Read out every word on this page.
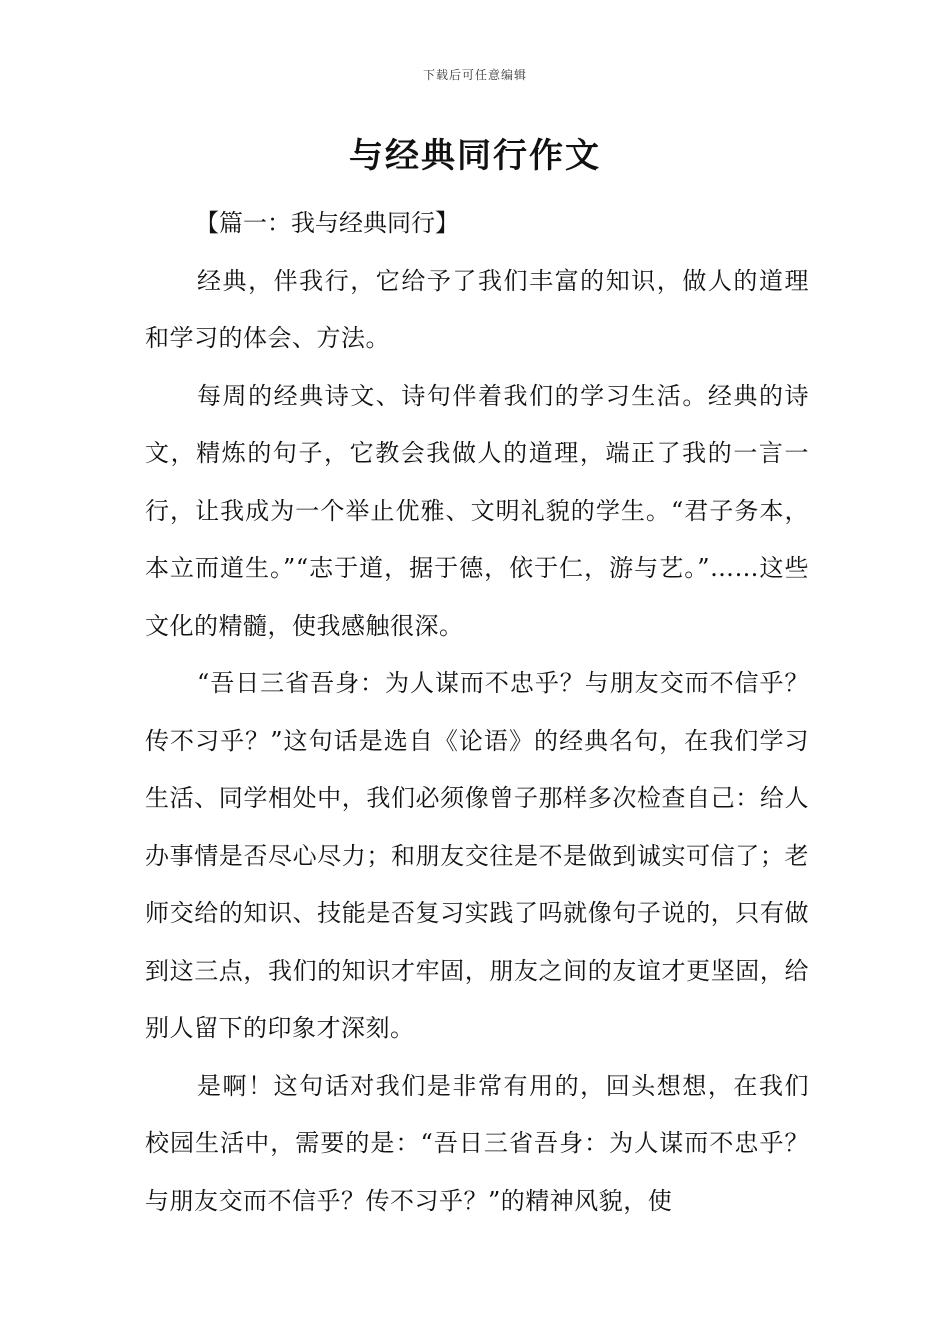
下载后可任意编辑
与经典同行作文

【篇一：我与经典同行】

经典，伴我行，它给予了我们丰富的知识，做人的道理和学习的体会、方法。

每周的经典诗文、诗句伴着我们的学习生活。经典的诗文，精炼的句子，它教会我做人的道理，端正了我的一言一行，让我成为一个举止优雅、文明礼貌的学生。“君子务本，本立而道生。”“志于道，据于德，依于仁，游与艺。”……这些文化的精髓，使我感触很深。

“吾日三省吾身：为人谋而不忠乎？与朋友交而不信乎？传不习乎？”这句话是选自《论语》的经典名句，在我们学习生活、同学相处中，我们必须像曾子那样多次检查自己：给人办事情是否尽心尽力；和朋友交往是不是做到诚实可信了；老师交给的知识、技能是否复习实践了吗就像句子说的，只有做到这三点，我们的知识才牢固，朋友之间的友谊才更坚固，给别人留下的印象才深刻。

是啊！这句话对我们是非常有用的，回头想想，在我们校园生活中，需要的是：“吾日三省吾身：为人谋而不忠乎？与朋友交而不信乎？传不习乎？”的精神风貌，使
